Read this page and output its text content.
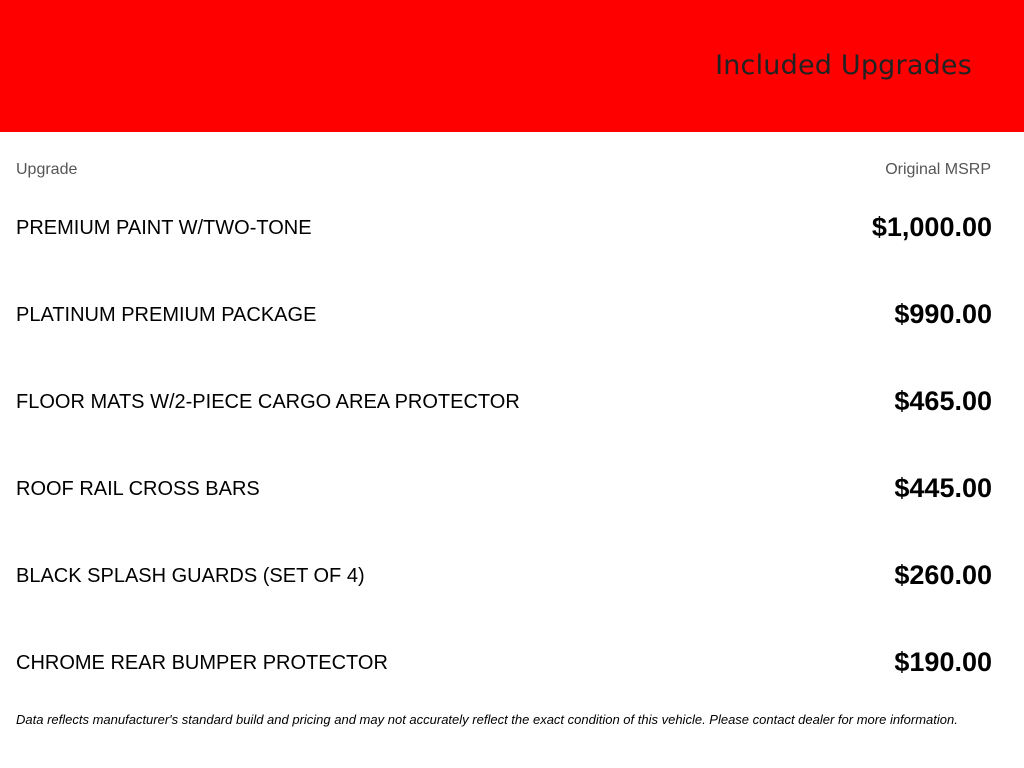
Included Upgrades
Upgrade	Original MSRP
PREMIUM PAINT W/TWO-TONE	$1,000.00
PLATINUM PREMIUM PACKAGE	$990.00
FLOOR MATS W/2-PIECE CARGO AREA PROTECTOR	$465.00
ROOF RAIL CROSS BARS	$445.00
BLACK SPLASH GUARDS (SET OF 4)	$260.00
CHROME REAR BUMPER PROTECTOR	$190.00
Data reflects manufacturer's standard build and pricing and may not accurately reflect the exact condition of this vehicle. Please contact dealer for more information.
